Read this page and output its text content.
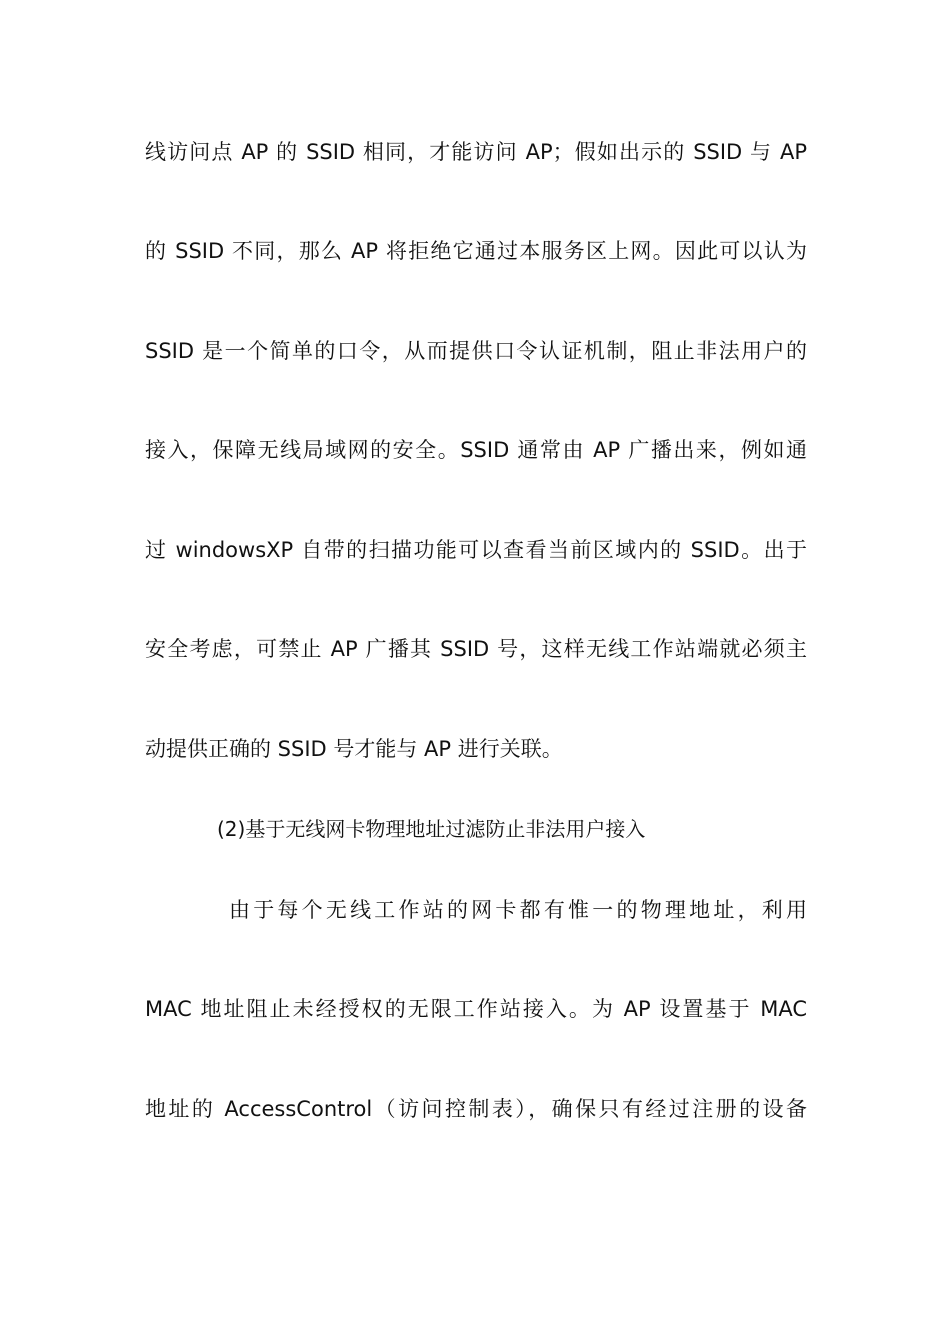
线访问点 AP 的 SSID 相同，才能访问 AP；假如出示的 SSID 与 AP
的 SSID 不同，那么 AP 将拒绝它通过本服务区上网。因此可以认为
SSID 是一个简单的口令，从而提供口令认证机制，阻止非法用户的
接入，保障无线局域网的安全。SSID 通常由 AP 广播出来，例如通
过 windowsXP 自带的扫描功能可以查看当前区域内的 SSID。出于
安全考虑，可禁止 AP 广播其 SSID 号，这样无线工作站端就必须主
动提供正确的 SSID 号才能与 AP 进行关联。
(2)基于无线网卡物理地址过滤防止非法用户接入
由于每个无线工作站的网卡都有惟一的物理地址，利用
MAC 地址阻止未经授权的无限工作站接入。为 AP 设置基于 MAC
地址的 AccessControl（访问控制表），确保只有经过注册的设备
